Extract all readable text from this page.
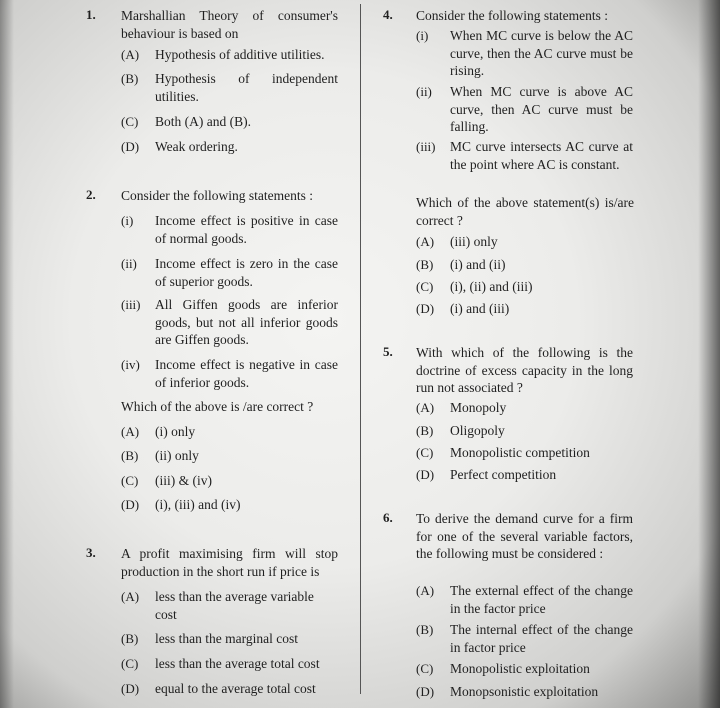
1. Marshallian Theory of consumer's behaviour is based on
(A) Hypothesis of additive utilities.
(B) Hypothesis of independent utilities.
(C) Both (A) and (B).
(D) Weak ordering.
2. Consider the following statements :
(i) Income effect is positive in case of normal goods.
(ii) Income effect is zero in the case of superior goods.
(iii) All Giffen goods are inferior goods, but not all inferior goods are Giffen goods.
(iv) Income effect is negative in case of inferior goods.
Which of the above is /are correct ?
(A) (i) only
(B) (ii) only
(C) (iii) & (iv)
(D) (i), (iii) and (iv)
3. A profit maximising firm will stop production in the short run if price is
(A) less than the average variable cost
(B) less than the marginal cost
(C) less than the average total cost
(D) equal to the average total cost
4. Consider the following statements :
(i) When MC curve is below the AC curve, then the AC curve must be rising.
(ii) When MC curve is above AC curve, then AC curve must be falling.
(iii) MC curve intersects AC curve at the point where AC is constant.
Which of the above statement(s) is/are correct ?
(A) (iii) only
(B) (i) and (ii)
(C) (i), (ii) and (iii)
(D) (i) and (iii)
5. With which of the following is the doctrine of excess capacity in the long run not associated ?
(A) Monopoly
(B) Oligopoly
(C) Monopolistic competition
(D) Perfect competition
6. To derive the demand curve for a firm for one of the several variable factors, the following must be considered :
(A) The external effect of the change in the factor price
(B) The internal effect of the change in factor price
(C) Monopolistic exploitation
(D) Monopsonistic exploitation
